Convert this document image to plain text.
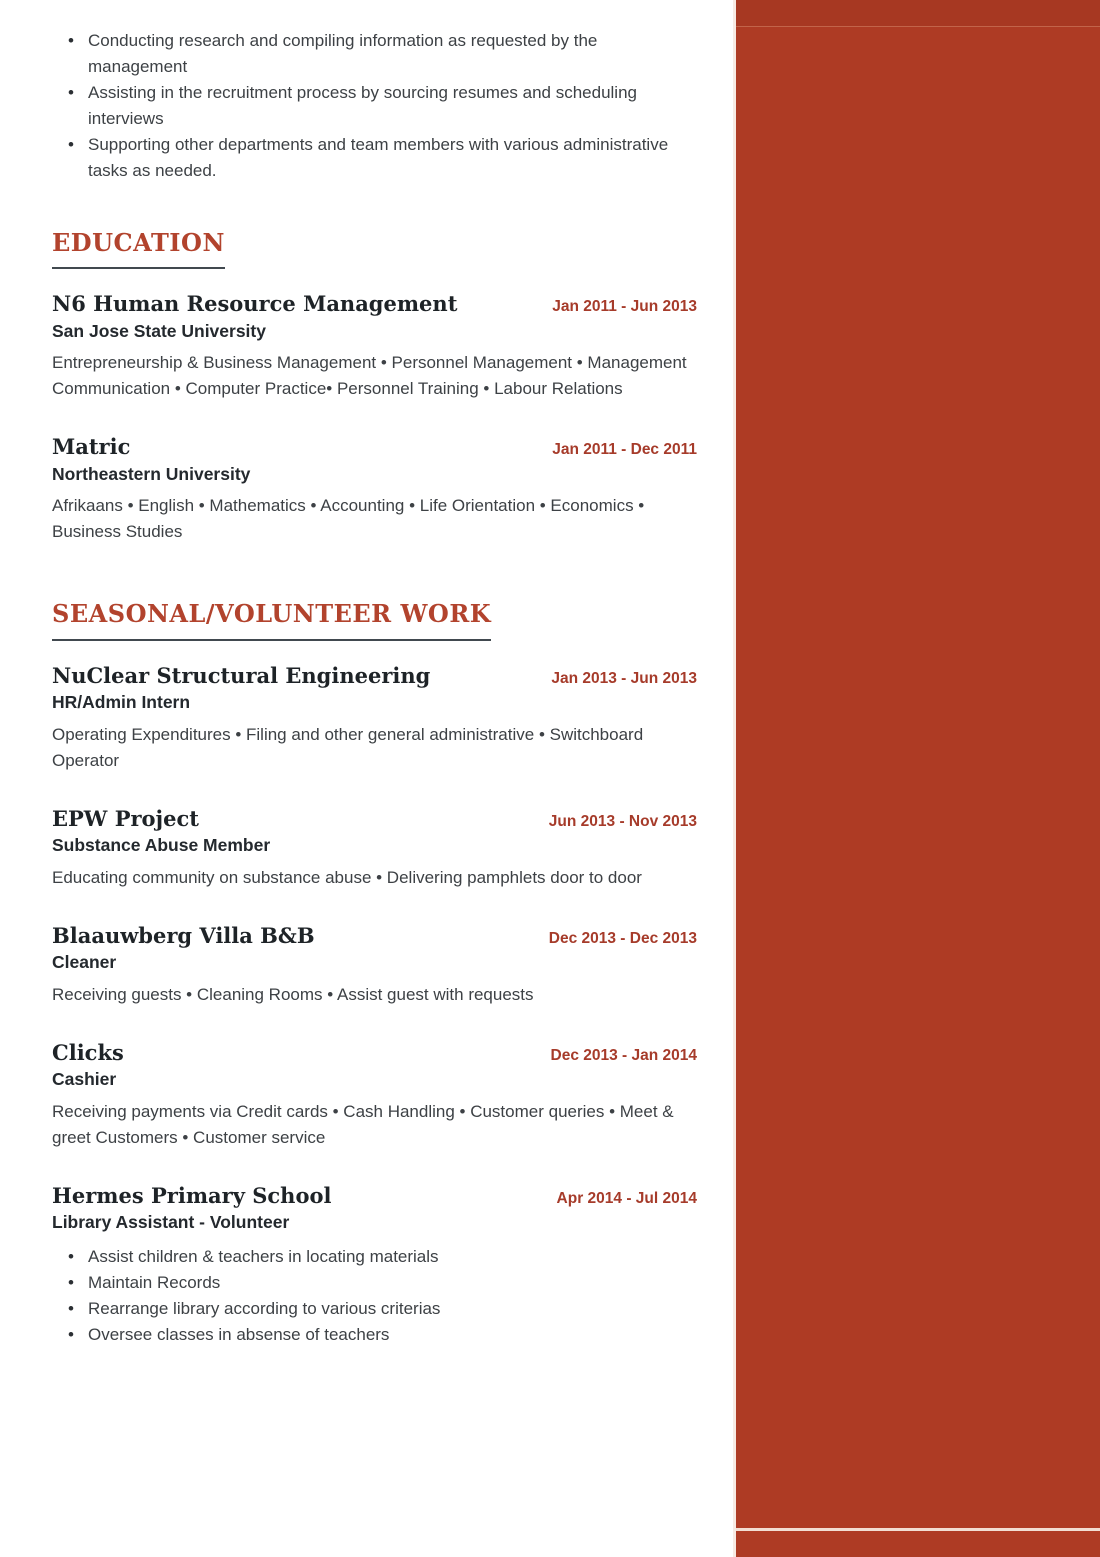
• Conducting research and compiling information as requested by the management
• Assisting in the recruitment process by sourcing resumes and scheduling interviews
• Supporting other departments and team members with various administrative tasks as needed.
EDUCATION
N6 Human Resource Management	Jan 2011 - Jun 2013
San Jose State University

Entrepreneurship & Business Management • Personnel Management • Management Communication • Computer Practice• Personnel Training • Labour Relations

Matric	Jan 2011 - Dec 2011
Northeastern University

Afrikaans • English • Mathematics • Accounting • Life Orientation • Economics • Business Studies

SEASONAL/VOLUNTEER WORK
NuClear Structural Engineering	Jan 2013 - Jun 2013
HR/Admin Intern

Operating Expenditures • Filing and other general administrative • Switchboard Operator

EPW Project	Jun 2013 - Nov 2013
Substance Abuse Member

Educating community on substance abuse • Delivering pamphlets door to door

Blaauwberg Villa B&B	Dec 2013 - Dec 2013
Cleaner

Receiving guests • Cleaning Rooms • Assist guest with requests

Clicks	Dec 2013 - Jan 2014
Cashier

Receiving payments via Credit cards • Cash Handling • Customer queries • Meet & greet Customers • Customer service

Hermes Primary School	Apr 2014 - Jul 2014
Library Assistant - Volunteer
• Assist children & teachers in locating materials
• Maintain Records
• Rearrange library according to various criterias
• Oversee classes in absense of teachers
